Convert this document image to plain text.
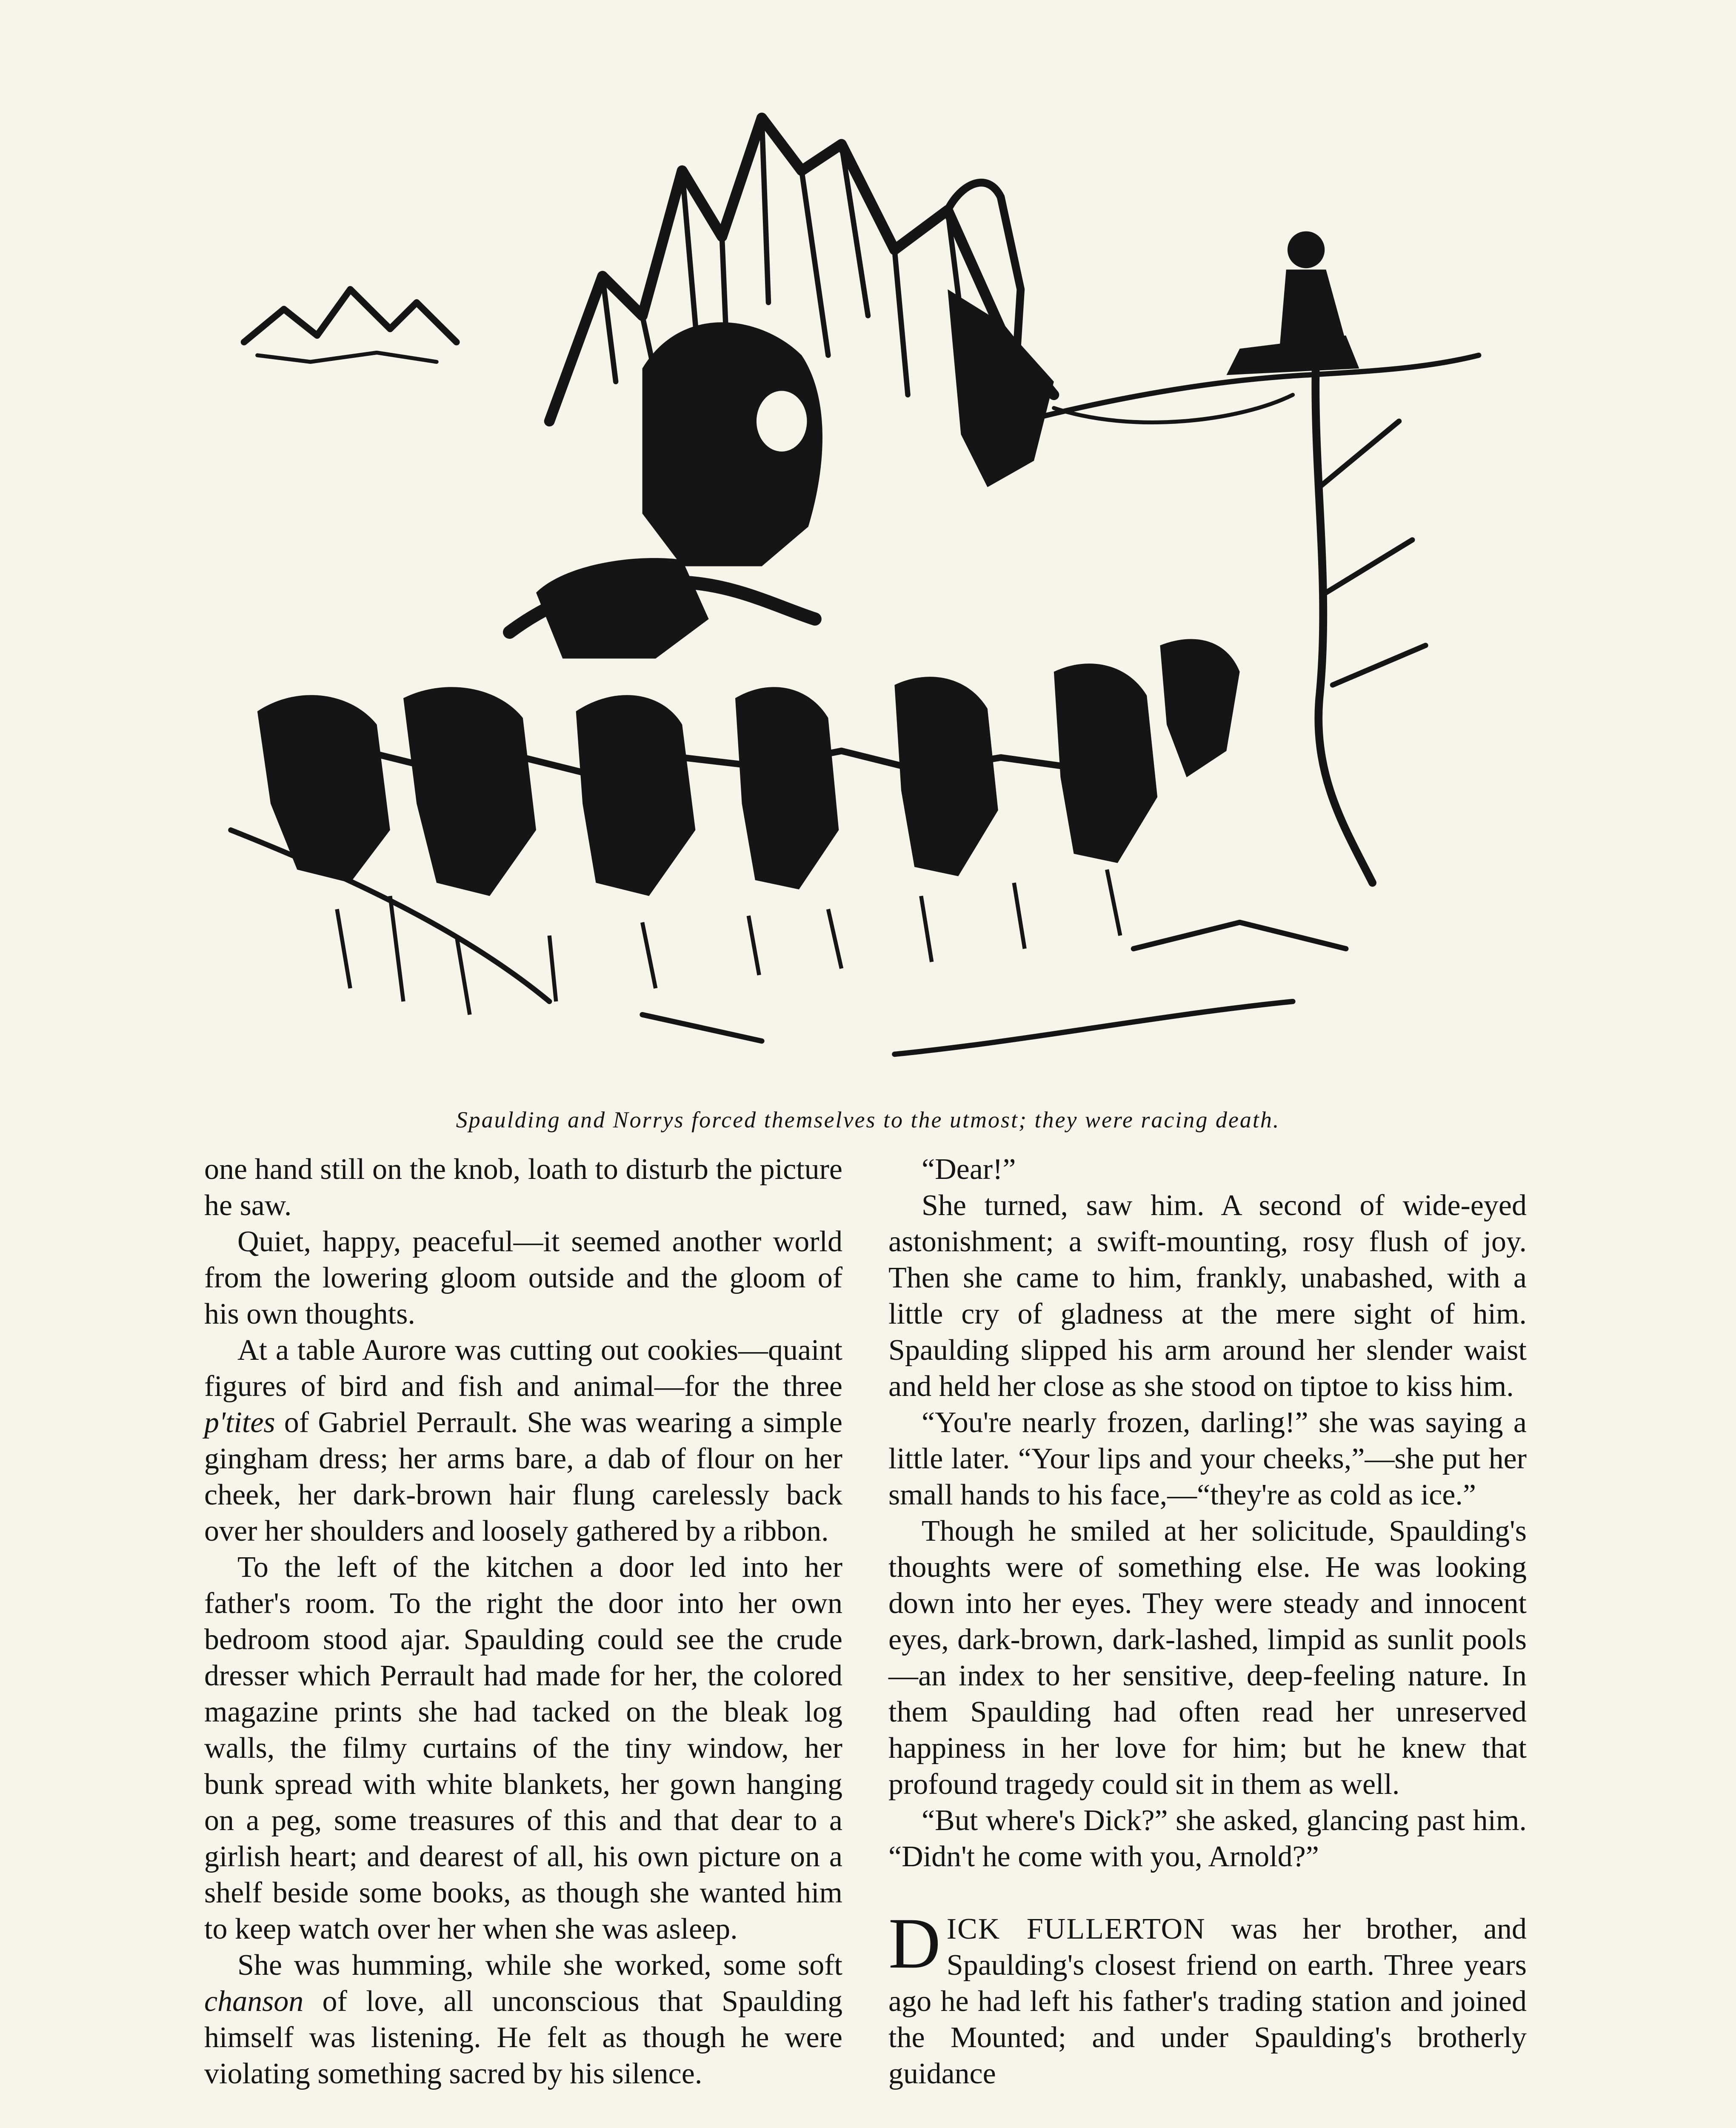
Spaulding and Norrys forced themselves to the utmost; they were racing death.

one hand still on the knob, loath to disturb the picture he saw.

Quiet, happy, peaceful—it seemed another world from the lowering gloom outside and the gloom of his own thoughts.

At a table Aurore was cutting out cookies—quaint figures of bird and fish and animal—for the three p'tites of Gabriel Perrault. She was wearing a simple gingham dress; her arms bare, a dab of flour on her cheek, her dark-brown hair flung carelessly back over her shoulders and loosely gathered by a ribbon.

To the left of the kitchen a door led into her father's room. To the right the door into her own bedroom stood ajar. Spaulding could see the crude dresser which Perrault had made for her, the colored magazine prints she had tacked on the bleak log walls, the filmy curtains of the tiny window, her bunk spread with white blankets, her gown hanging on a peg, some treasures of this and that dear to a girlish heart; and dearest of all, his own picture on a shelf beside some books, as though she wanted him to keep watch over her when she was asleep.

She was humming, while she worked, some soft chanson of love, all unconscious that Spaulding himself was listening. He felt as though he were violating something sacred by his silence.

“Dear!”

She turned, saw him. A second of wide-eyed astonishment; a swift-mounting, rosy flush of joy. Then she came to him, frankly, unabashed, with a little cry of gladness at the mere sight of him. Spaulding slipped his arm around her slender waist and held her close as she stood on tiptoe to kiss him.

“You're nearly frozen, darling!” she was saying a little later. “Your lips and your cheeks,”—she put her small hands to his face,—“they're as cold as ice.”

Though he smiled at her solicitude, Spaulding's thoughts were of something else. He was looking down into her eyes. They were steady and innocent eyes, dark-brown, dark-lashed, limpid as sunlit pools —an index to her sensitive, deep-feeling nature. In them Spaulding had often read her unreserved happiness in her love for him; but he knew that profound tragedy could sit in them as well.

“But where's Dick?” she asked, glancing past him. “Didn't he come with you, Arnold?”

DICK FULLERTON was her brother, and Spaulding's closest friend on earth. Three years ago he had left his father's trading station and joined the Mounted; and under Spaulding's brotherly guidance
